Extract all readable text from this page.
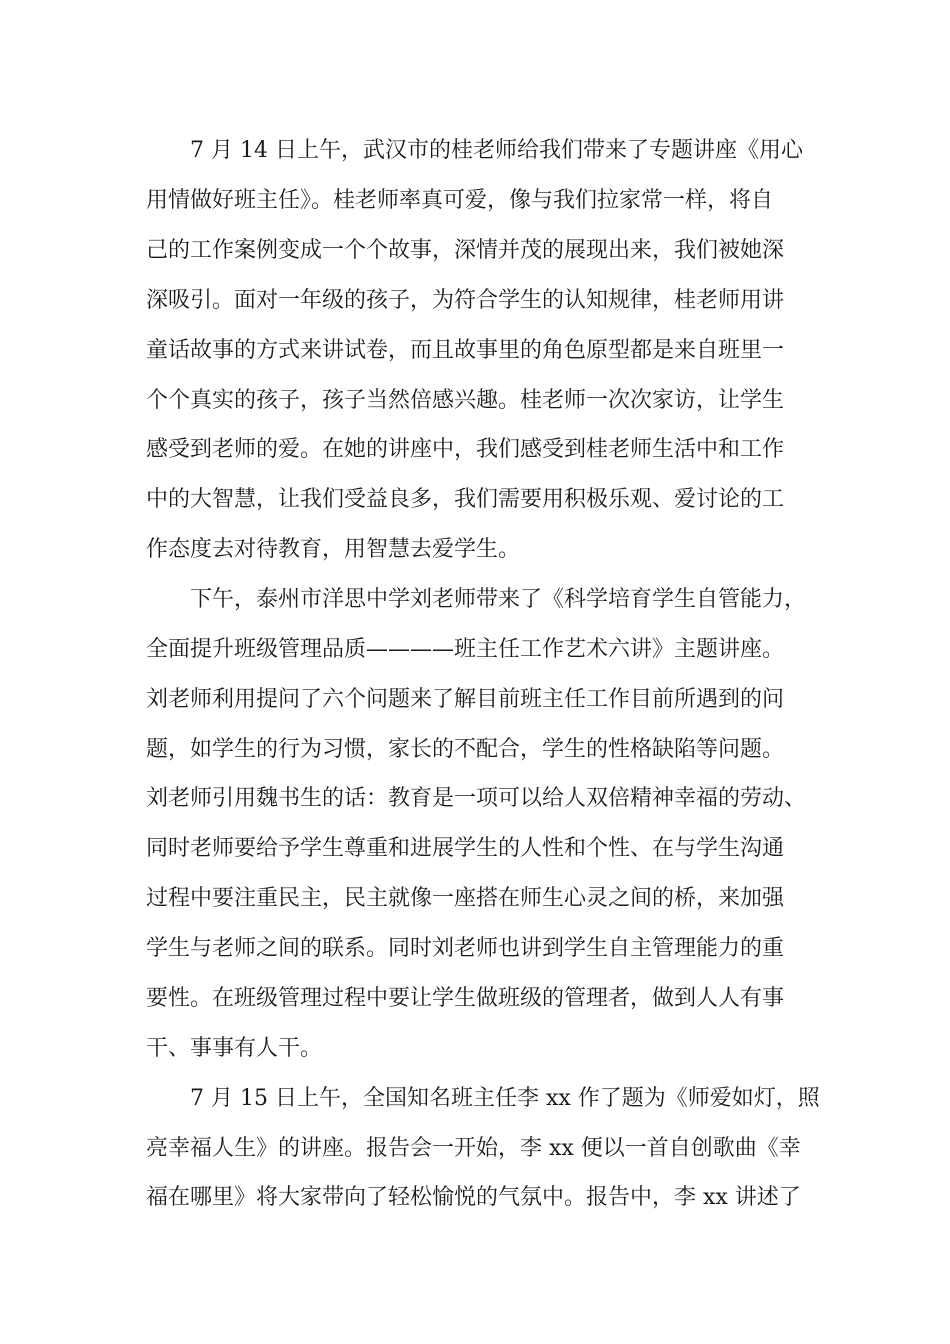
7 月 14 日上午，武汉市的桂老师给我们带来了专题讲座《用心
用情做好班主任》。桂老师率真可爱，像与我们拉家常一样，将自
己的工作案例变成一个个故事，深情并茂的展现出来，我们被她深
深吸引。面对一年级的孩子，为符合学生的认知规律，桂老师用讲
童话故事的方式来讲试卷，而且故事里的角色原型都是来自班里一
个个真实的孩子，孩子当然倍感兴趣。桂老师一次次家访，让学生
感受到老师的爱。在她的讲座中，我们感受到桂老师生活中和工作
中的大智慧，让我们受益良多，我们需要用积极乐观、爱讨论的工
作态度去对待教育，用智慧去爱学生。
下午，泰州市洋思中学刘老师带来了《科学培育学生自管能力，
全面提升班级管理品质————班主任工作艺术六讲》主题讲座。
刘老师利用提问了六个问题来了解目前班主任工作目前所遇到的问
题，如学生的行为习惯，家长的不配合，学生的性格缺陷等问题。
刘老师引用魏书生的话：教育是一项可以给人双倍精神幸福的劳动、
同时老师要给予学生尊重和进展学生的人性和个性、在与学生沟通
过程中要注重民主，民主就像一座搭在师生心灵之间的桥，来加强
学生与老师之间的联系。同时刘老师也讲到学生自主管理能力的重
要性。在班级管理过程中要让学生做班级的管理者，做到人人有事
干、事事有人干。
7 月 15 日上午，全国知名班主任李 xx 作了题为《师爱如灯，照
亮幸福人生》的讲座。报告会一开始，李 xx 便以一首自创歌曲《幸
福在哪里》将大家带向了轻松愉悦的气氛中。报告中，李 xx 讲述了
